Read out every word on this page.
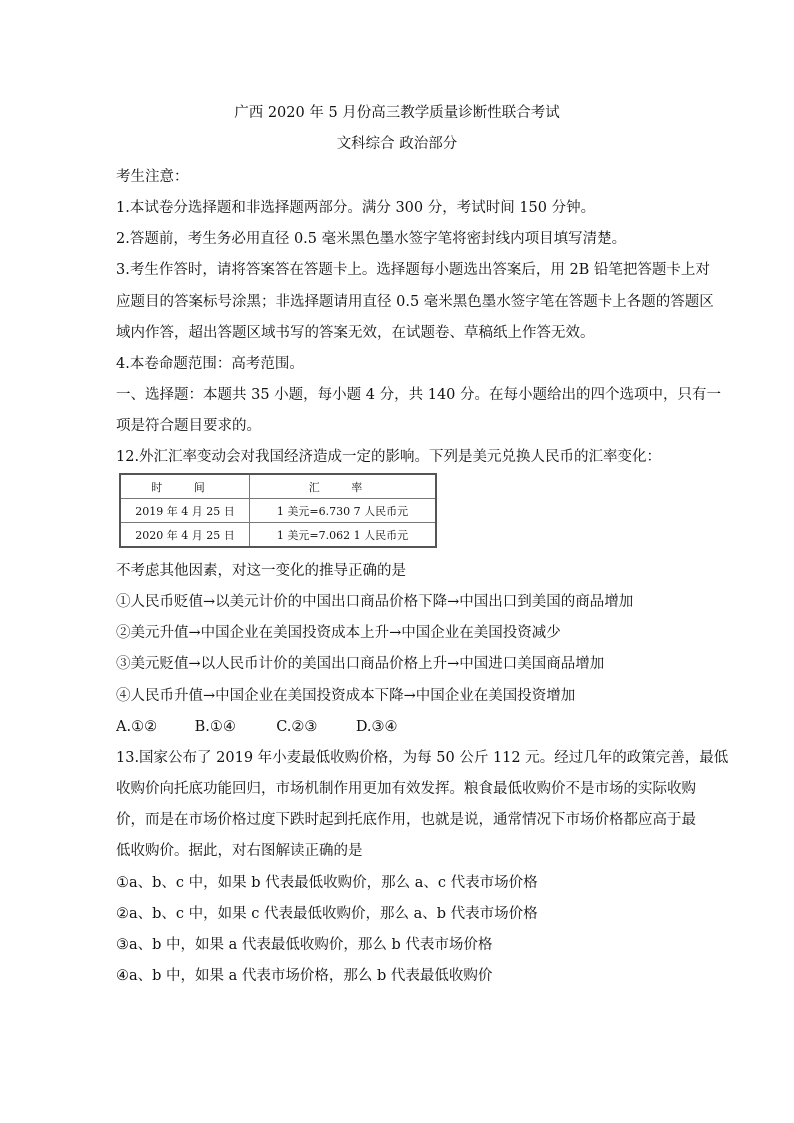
广西 2020 年 5 月份高三教学质量诊断性联合考试
文科综合 政治部分
考生注意：
1.本试卷分选择题和非选择题两部分。满分 300 分，考试时间 150 分钟。
2.答题前，考生务必用直径 0.5 毫米黑色墨水签字笔将密封线内项目填写清楚。
3.考生作答时，请将答案答在答题卡上。选择题每小题选出答案后，用 2B 铅笔把答题卡上对
应题目的答案标号涂黑；非选择题请用直径 0.5 毫米黑色墨水签字笔在答题卡上各题的答题区
域内作答，超出答题区域书写的答案无效，在试题卷、草稿纸上作答无效。
4.本卷命题范围：高考范围。
一、选择题：本题共 35 小题，每小题 4 分，共 140 分。在每小题给出的四个选项中，只有一
项是符合题目要求的。
12.外汇汇率变动会对我国经济造成一定的影响。下列是美元兑换人民币的汇率变化：
时 间	汇 率
2019 年 4 月 25 日	1 美元=6.730 7 人民币元
2020 年 4 月 25 日	1 美元=7.062 1 人民币元
不考虑其他因素，对这一变化的推导正确的是
①人民币贬值→以美元计价的中国出口商品价格下降→中国出口到美国的商品增加
②美元升值→中国企业在美国投资成本上升→中国企业在美国投资减少
③美元贬值→以人民币计价的美国出口商品价格上升→中国进口美国商品增加
④人民币升值→中国企业在美国投资成本下降→中国企业在美国投资增加
A.①②	B.①④	C.②③	D.③④
13.国家公布了 2019 年小麦最低收购价格，为每 50 公斤 112 元。经过几年的政策完善，最低
收购价向托底功能回归，市场机制作用更加有效发挥。粮食最低收购价不是市场的实际收购
价，而是在市场价格过度下跌时起到托底作用，也就是说，通常情况下市场价格都应高于最
低收购价。据此，对右图解读正确的是
①a、b、c 中，如果 b 代表最低收购价，那么 a、c 代表市场价格
②a、b、c 中，如果 c 代表最低收购价，那么 a、b 代表市场价格
③a、b 中，如果 a 代表最低收购价，那么 b 代表市场价格
④a、b 中，如果 a 代表市场价格，那么 b 代表最低收购价
